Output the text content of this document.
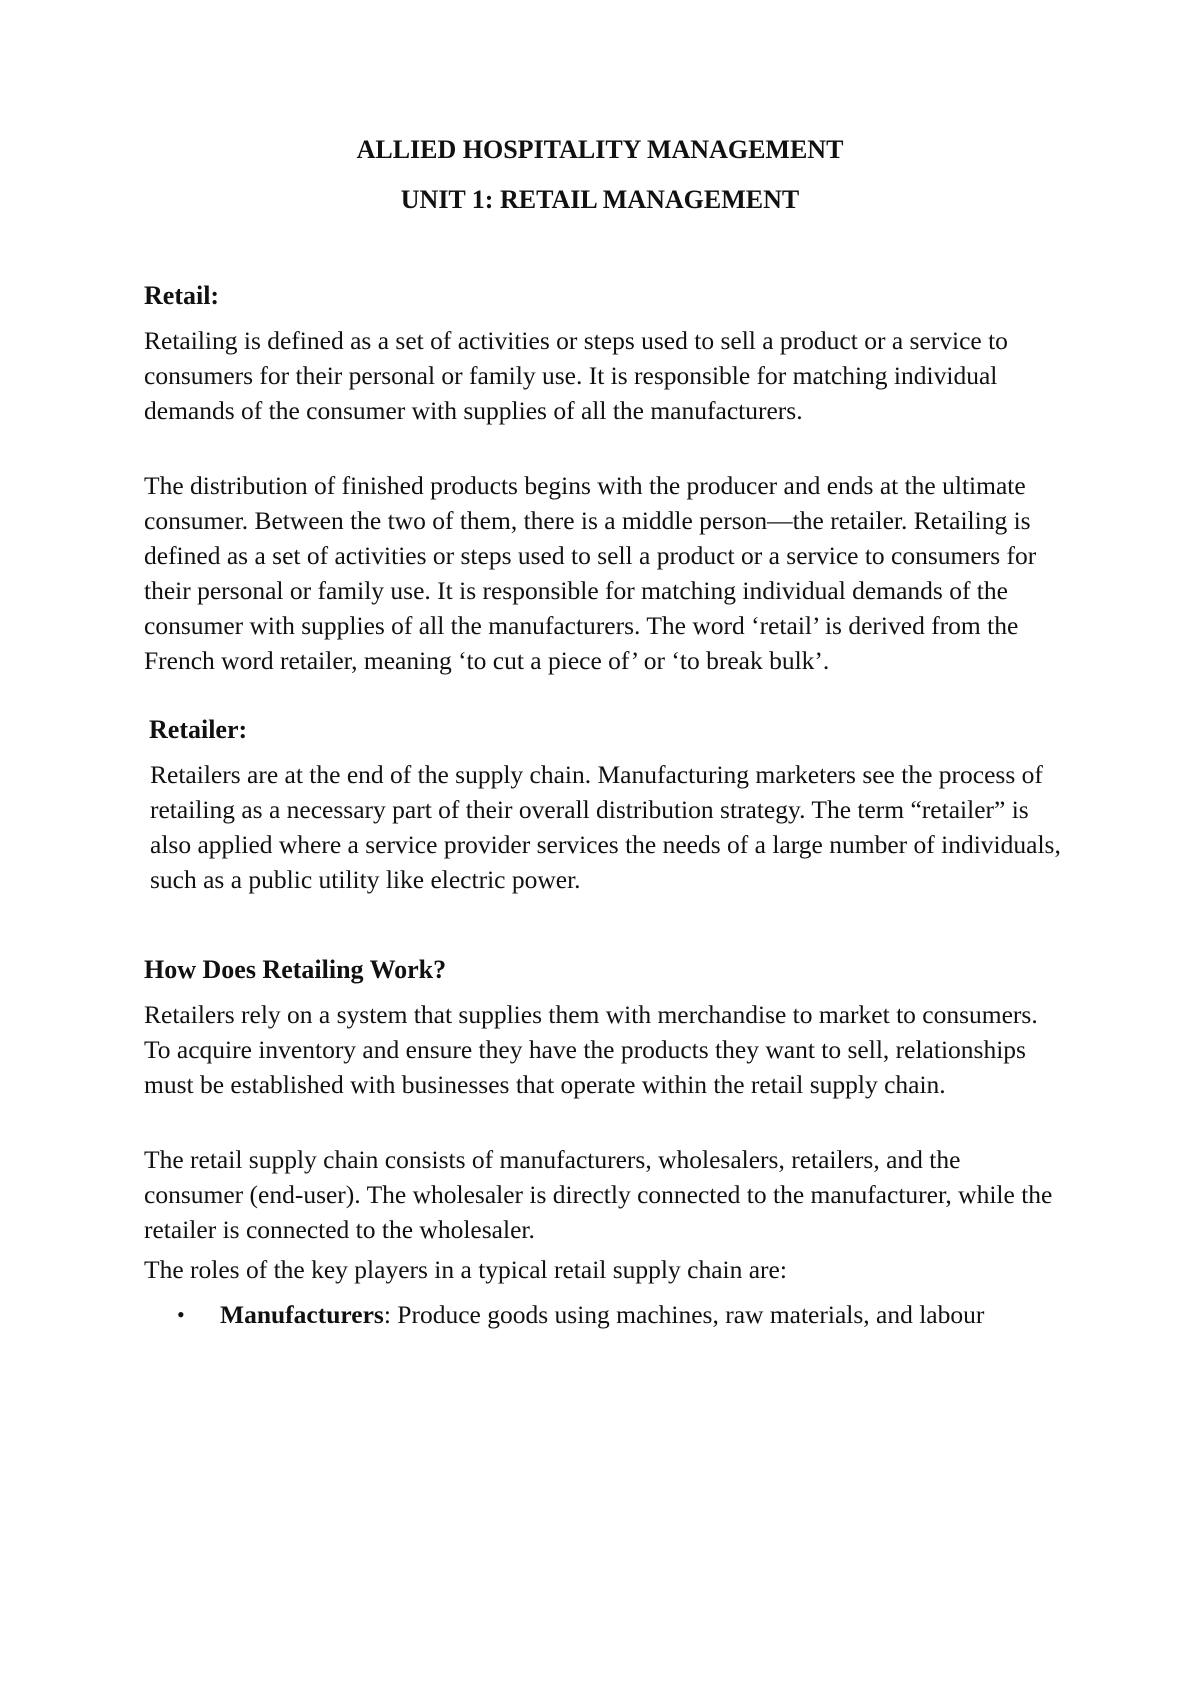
ALLIED HOSPITALITY MANAGEMENT
UNIT 1: RETAIL MANAGEMENT
Retail:

Retailing is defined as a set of activities or steps used to sell a product or a service to consumers for their personal or family use. It is responsible for matching individual demands of the consumer with supplies of all the manufacturers.

The distribution of finished products begins with the producer and ends at the ultimate consumer. Between the two of them, there is a middle person—the retailer. Retailing is defined as a set of activities or steps used to sell a product or a service to consumers for their personal or family use. It is responsible for matching individual demands of the consumer with supplies of all the manufacturers. The word ‘retail’ is derived from the French word retailer, meaning ‘to cut a piece of’ or ‘to break bulk’.

Retailer:

Retailers are at the end of the supply chain. Manufacturing marketers see the process of retailing as a necessary part of their overall distribution strategy. The term “retailer” is also applied where a service provider services the needs of a large number of individuals, such as a public utility like electric power.

How Does Retailing Work?

Retailers rely on a system that supplies them with merchandise to market to consumers. To acquire inventory and ensure they have the products they want to sell, relationships must be established with businesses that operate within the retail supply chain.

The retail supply chain consists of manufacturers, wholesalers, retailers, and the consumer (end-user). The wholesaler is directly connected to the manufacturer, while the retailer is connected to the wholesaler.

The roles of the key players in a typical retail supply chain are:

• Manufacturers: Produce goods using machines, raw materials, and labour
